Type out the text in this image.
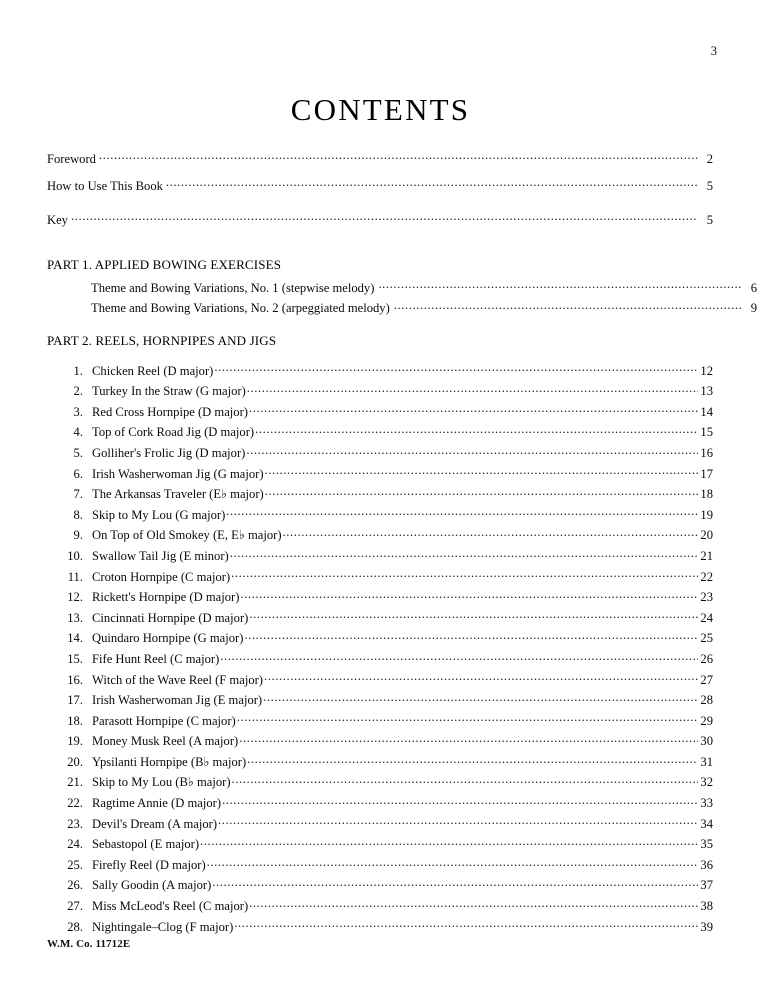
3
CONTENTS
Foreword .....	2
How to Use This Book .....	5
Key .....	5
PART 1. APPLIED BOWING EXERCISES
Theme and Bowing Variations, No. 1 (stepwise melody) .....	6
Theme and Bowing Variations, No. 2 (arpeggiated melody) .....	9
PART 2. REELS, HORNPIPES AND JIGS
1. Chicken Reel (D major) .....	12
2. Turkey In the Straw (G major) .....	13
3. Red Cross Hornpipe (D major) .....	14
4. Top of Cork Road Jig (D major) .....	15
5. Golliher's Frolic Jig (D major) .....	16
6. Irish Washerwoman Jig (G major) .....	17
7. The Arkansas Traveler (E♭ major) .....	18
8. Skip to My Lou (G major) .....	19
9. On Top of Old Smokey (E, E♭ major) .....	20
10. Swallow Tail Jig (E minor) .....	21
11. Croton Hornpipe (C major) .....	22
12. Rickett's Hornpipe (D major) .....	23
13. Cincinnati Hornpipe (D major) .....	24
14. Quindaro Hornpipe (G major) .....	25
15. Fife Hunt Reel (C major) .....	26
16. Witch of the Wave Reel (F major) .....	27
17. Irish Washerwoman Jig (E major) .....	28
18. Parasott Hornpipe (C major) .....	29
19. Money Musk Reel (A major) .....	30
20. Ypsilanti Hornpipe (B♭ major) .....	31
21. Skip to My Lou (B♭ major) .....	32
22. Ragtime Annie (D major) .....	33
23. Devil's Dream (A major) .....	34
24. Sebastopol (E major) .....	35
25. Firefly Reel (D major) .....	36
26. Sally Goodin (A major) .....	37
27. Miss McLeod's Reel (C major) .....	38
28. Nightingale–Clog (F major) .....	39
W.M. Co. 11712E
